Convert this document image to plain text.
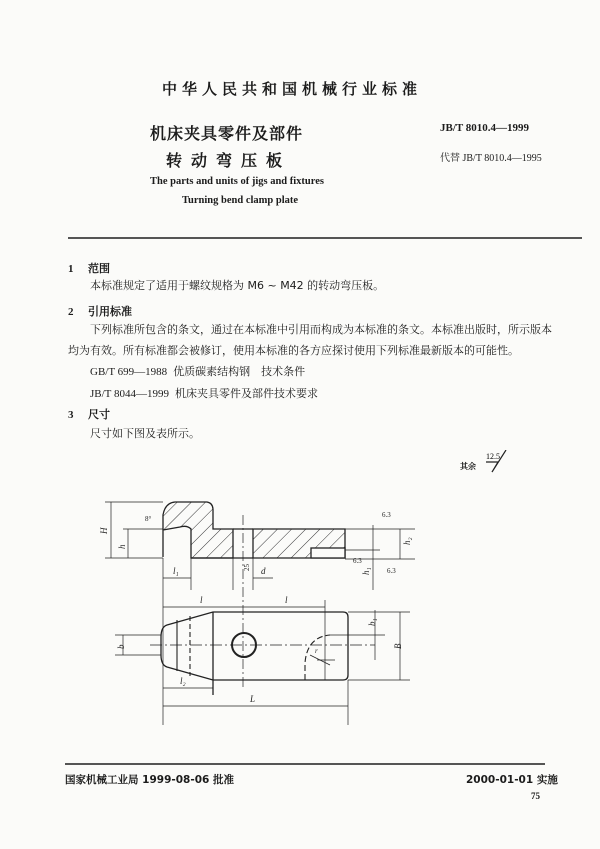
中华人民共和国机械行业标准
机床夹具零件及部件
转动弯压板
JB/T 8010.4—1999
代替 JB/T 8010.4—1995
The parts and units of jigs and fixtures
Turning bend clamp plate
1 范围
本标准规定了适用于螺纹规格为 M6 ~ M42 的转动弯压板。
2 引用标准
下列标准所包含的条文，通过在本标准中引用而构成为本标准的条文。本标准出版时，所示版本
均为有效。所有标准都会被修订，使用本标准的各方应探讨使用下列标准最新版本的可能性。
GB/T 699—1988 优质碳素结构钢　技术条件
JB/T 8044—1999 机床夹具零件及部件技术要求
3 尺寸
尺寸如下图及表所示。
其余
12.5
H
h
8°
h₂
h₁
6.3
6.3
6.3
25
l₁	d
l	l
b	B
b₁
r
l₂
L
国家机械工业局 1999-08-06 批准	2000-01-01 实施
75
